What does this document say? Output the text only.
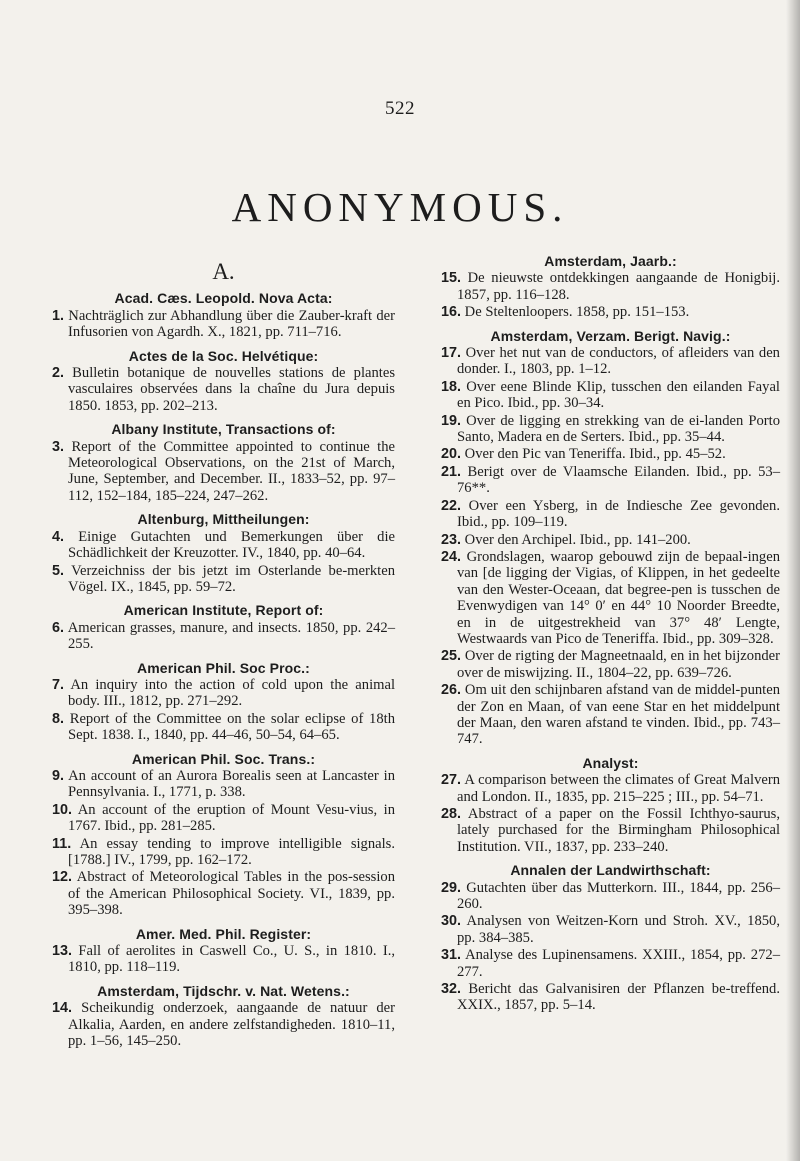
522
ANONYMOUS.
A.
Acad. Cæs. Leopold. Nova Acta:
1. Nachträglich zur Abhandlung über die Zauber-kraft der Infusorien von Agardh. X., 1821, pp. 711–716.
Actes de la Soc. Helvétique:
2. Bulletin botanique de nouvelles stations de plantes vasculaires observées dans la chaîne du Jura depuis 1850. 1853, pp. 202–213.
Albany Institute, Transactions of:
3. Report of the Committee appointed to continue the Meteorological Observations, on the 21st of March, June, September, and December. II., 1833–52, pp. 97–112, 152–184, 185–224, 247–262.
Altenburg, Mittheilungen:
4. Einige Gutachten und Bemerkungen über die Schädlichkeit der Kreuzotter. IV., 1840, pp. 40–64.
5. Verzeichniss der bis jetzt im Osterlande be-merkten Vögel. IX., 1845, pp. 59–72.
American Institute, Report of:
6. American grasses, manure, and insects. 1850, pp. 242–255.
American Phil. Soc Proc.:
7. An inquiry into the action of cold upon the animal body. III., 1812, pp. 271–292.
8. Report of the Committee on the solar eclipse of 18th Sept. 1838. I., 1840, pp. 44–46, 50–54, 64–65.
American Phil. Soc. Trans.:
9. An account of an Aurora Borealis seen at Lancaster in Pennsylvania. I., 1771, p. 338.
10. An account of the eruption of Mount Vesu-vius, in 1767. Ibid., pp. 281–285.
11. An essay tending to improve intelligible signals. [1788.] IV., 1799, pp. 162–172.
12. Abstract of Meteorological Tables in the pos-session of the American Philosophical Society. VI., 1839, pp. 395–398.
Amer. Med. Phil. Register:
13. Fall of aerolites in Caswell Co., U. S., in 1810. I., 1810, pp. 118–119.
Amsterdam, Tijdschr. v. Nat. Wetens.:
14. Scheikundig onderzoek, aangaande de natuur der Alkalia, Aarden, en andere zelfstandigheden. 1810–11, pp. 1–56, 145–250.
Amsterdam, Jaarb.:
15. De nieuwste ontdekkingen aangaande de Honigbij. 1857, pp. 116–128.
16. De Steltenloopers. 1858, pp. 151–153.
Amsterdam, Verzam. Berigt. Navig.:
17. Over het nut van de conductors, of afleiders van den donder. I., 1803, pp. 1–12.
18. Over eene Blinde Klip, tusschen den eilanden Fayal en Pico. Ibid., pp. 30–34.
19. Over de ligging en strekking van de ei-landen Porto Santo, Madera en de Serters. Ibid., pp. 35–44.
20. Over den Pic van Teneriffa. Ibid., pp. 45–52.
21. Berigt over de Vlaamsche Eilanden. Ibid., pp. 53–76**.
22. Over een Ysberg, in de Indiesche Zee gevonden. Ibid., pp. 109–119.
23. Over den Archipel. Ibid., pp. 141–200.
24. Grondslagen, waarop gebouwd zijn de bepaal-ingen van [de ligging der Vigias, of Klippen, in het gedeelte van den Wester-Oceaan, dat begree-pen is tusschen de Evenwydigen van 14° 0′ en 44° 10 Noorder Breedte, en in de uitgestrekheid van 37° 48′ Lengte, Westwaards van Pico de Teneriffa. Ibid., pp. 309–328.
25. Over de rigting der Magneetnaald, en in het bijzonder over de miswijzing. II., 1804–22, pp. 639–726.
26. Om uit den schijnbaren afstand van de middel-punten der Zon en Maan, of van eene Star en het middelpunt der Maan, den waren afstand te vinden. Ibid., pp. 743–747.
Analyst:
27. A comparison between the climates of Great Malvern and London. II., 1835, pp. 215–225 ; III., pp. 54–71.
28. Abstract of a paper on the Fossil Ichthyo-saurus, lately purchased for the Birmingham Philosophical Institution. VII., 1837, pp. 233–240.
Annalen der Landwirthschaft:
29. Gutachten über das Mutterkorn. III., 1844, pp. 256–260.
30. Analysen von Weitzen-Korn und Stroh. XV., 1850, pp. 384–385.
31. Analyse des Lupinensamens. XXIII., 1854, pp. 272–277.
32. Bericht das Galvanisiren der Pflanzen be-treffend. XXIX., 1857, pp. 5–14.
